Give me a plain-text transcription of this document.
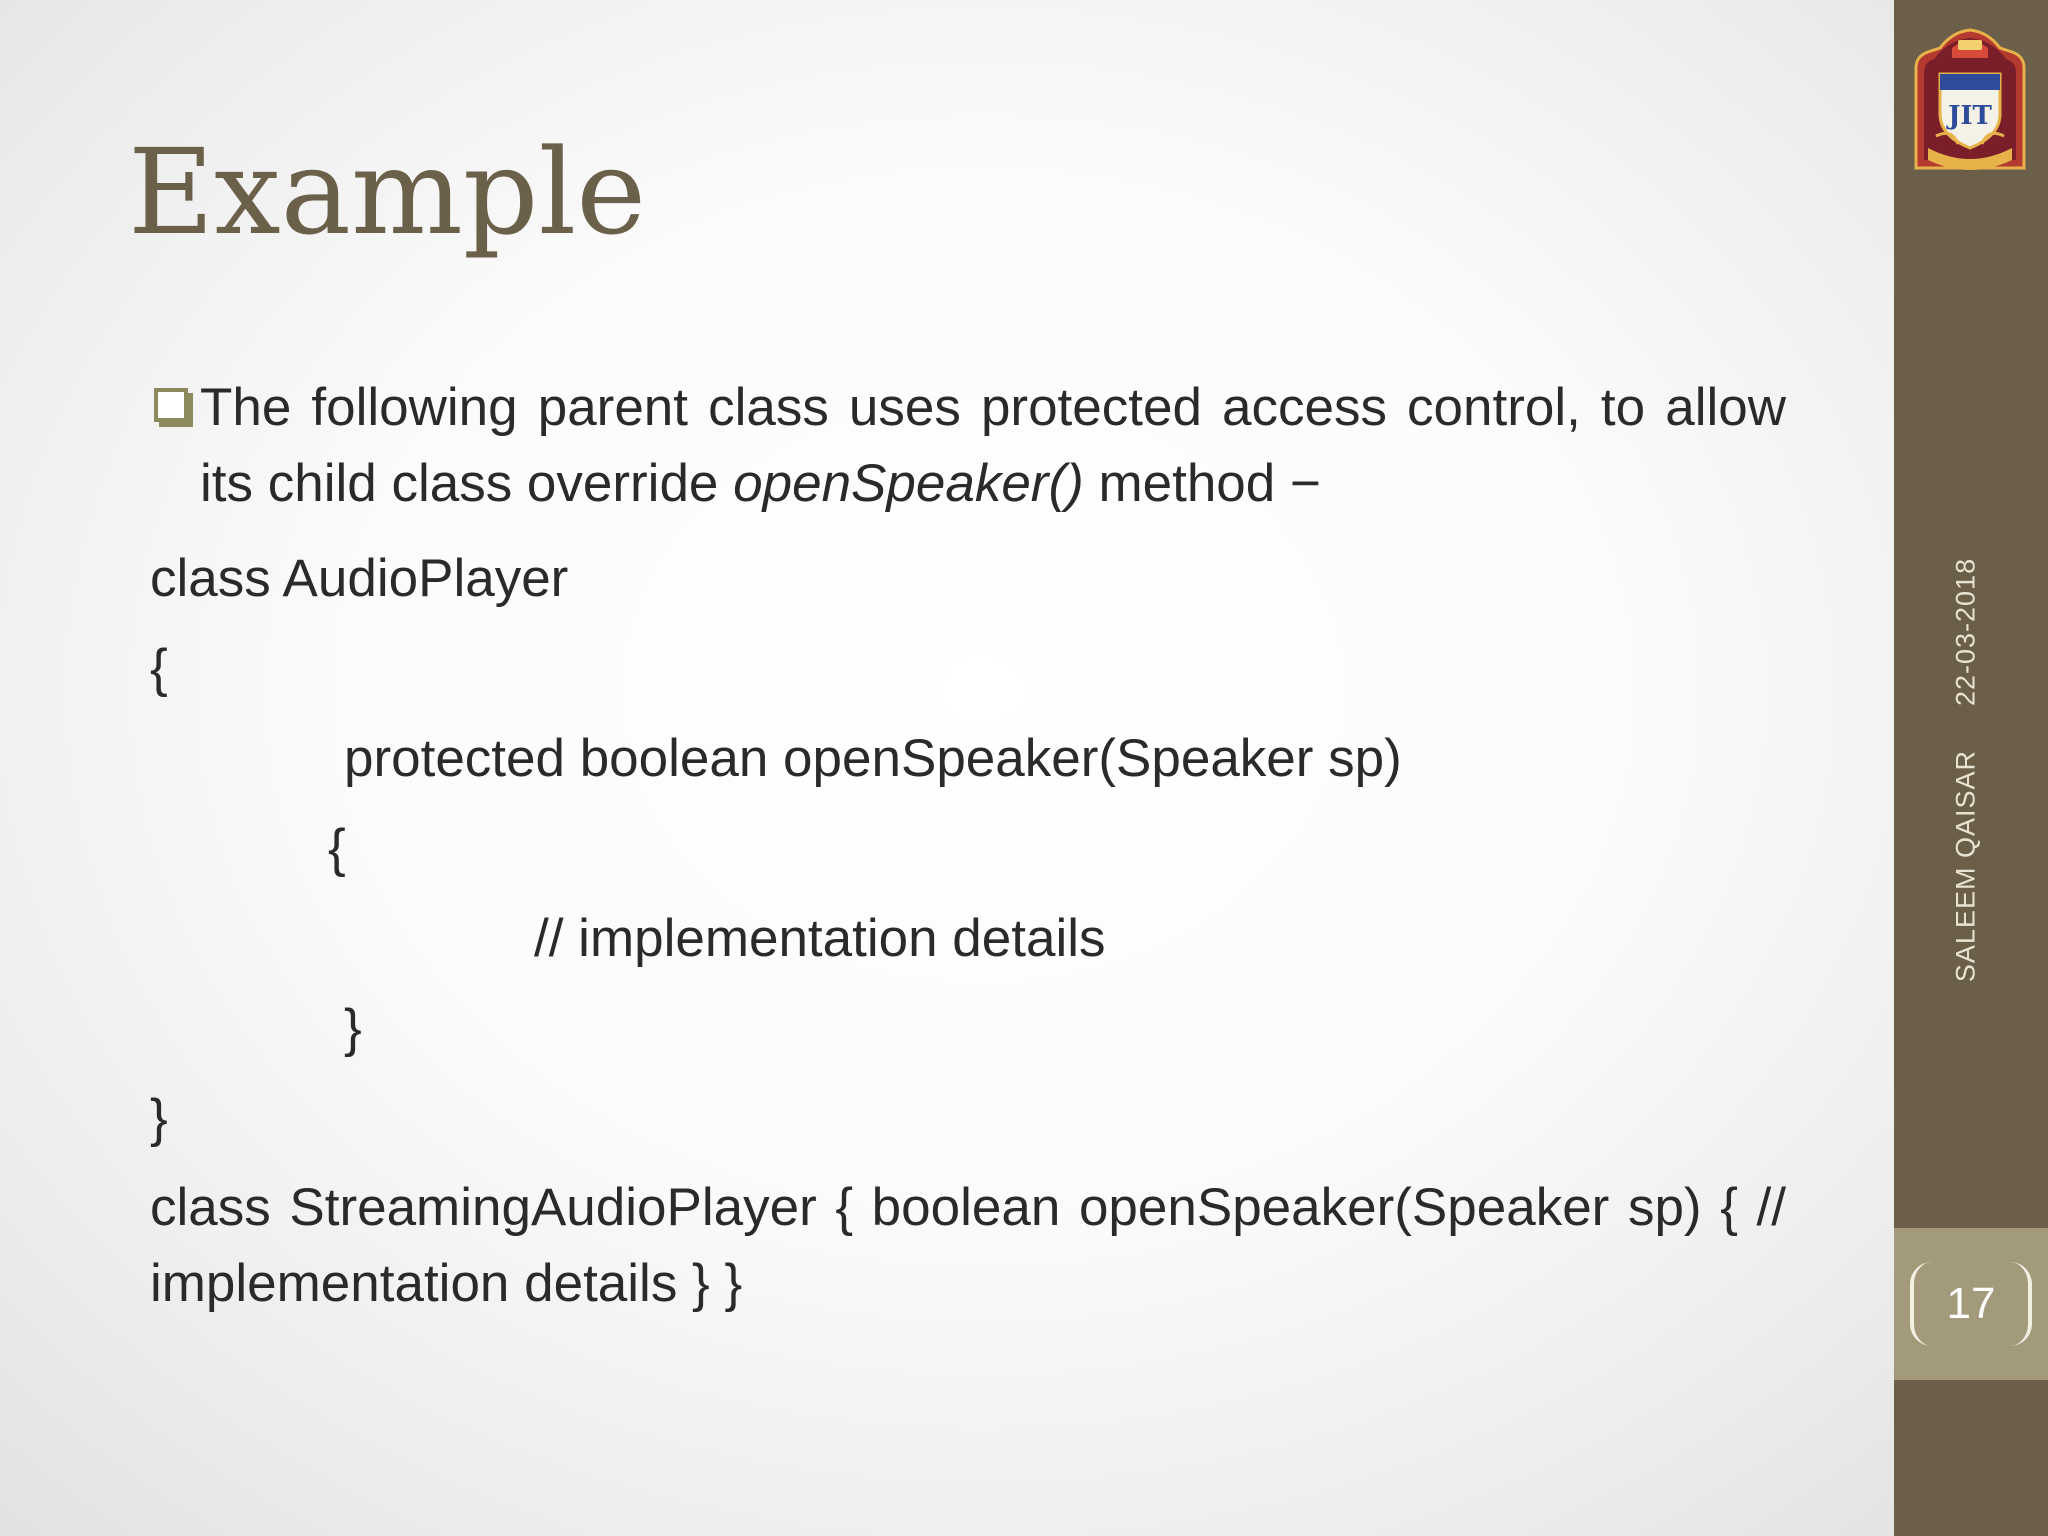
Example

The following parent class uses protected access control, to allow its child class override openSpeaker() method −

class AudioPlayer
{
protected boolean openSpeaker(Speaker sp)
{
// implementation details
}
}

class StreamingAudioPlayer { boolean openSpeaker(Speaker sp) { // implementation details } }

JIT
SALEEM QAISAR22-03-2018
17
